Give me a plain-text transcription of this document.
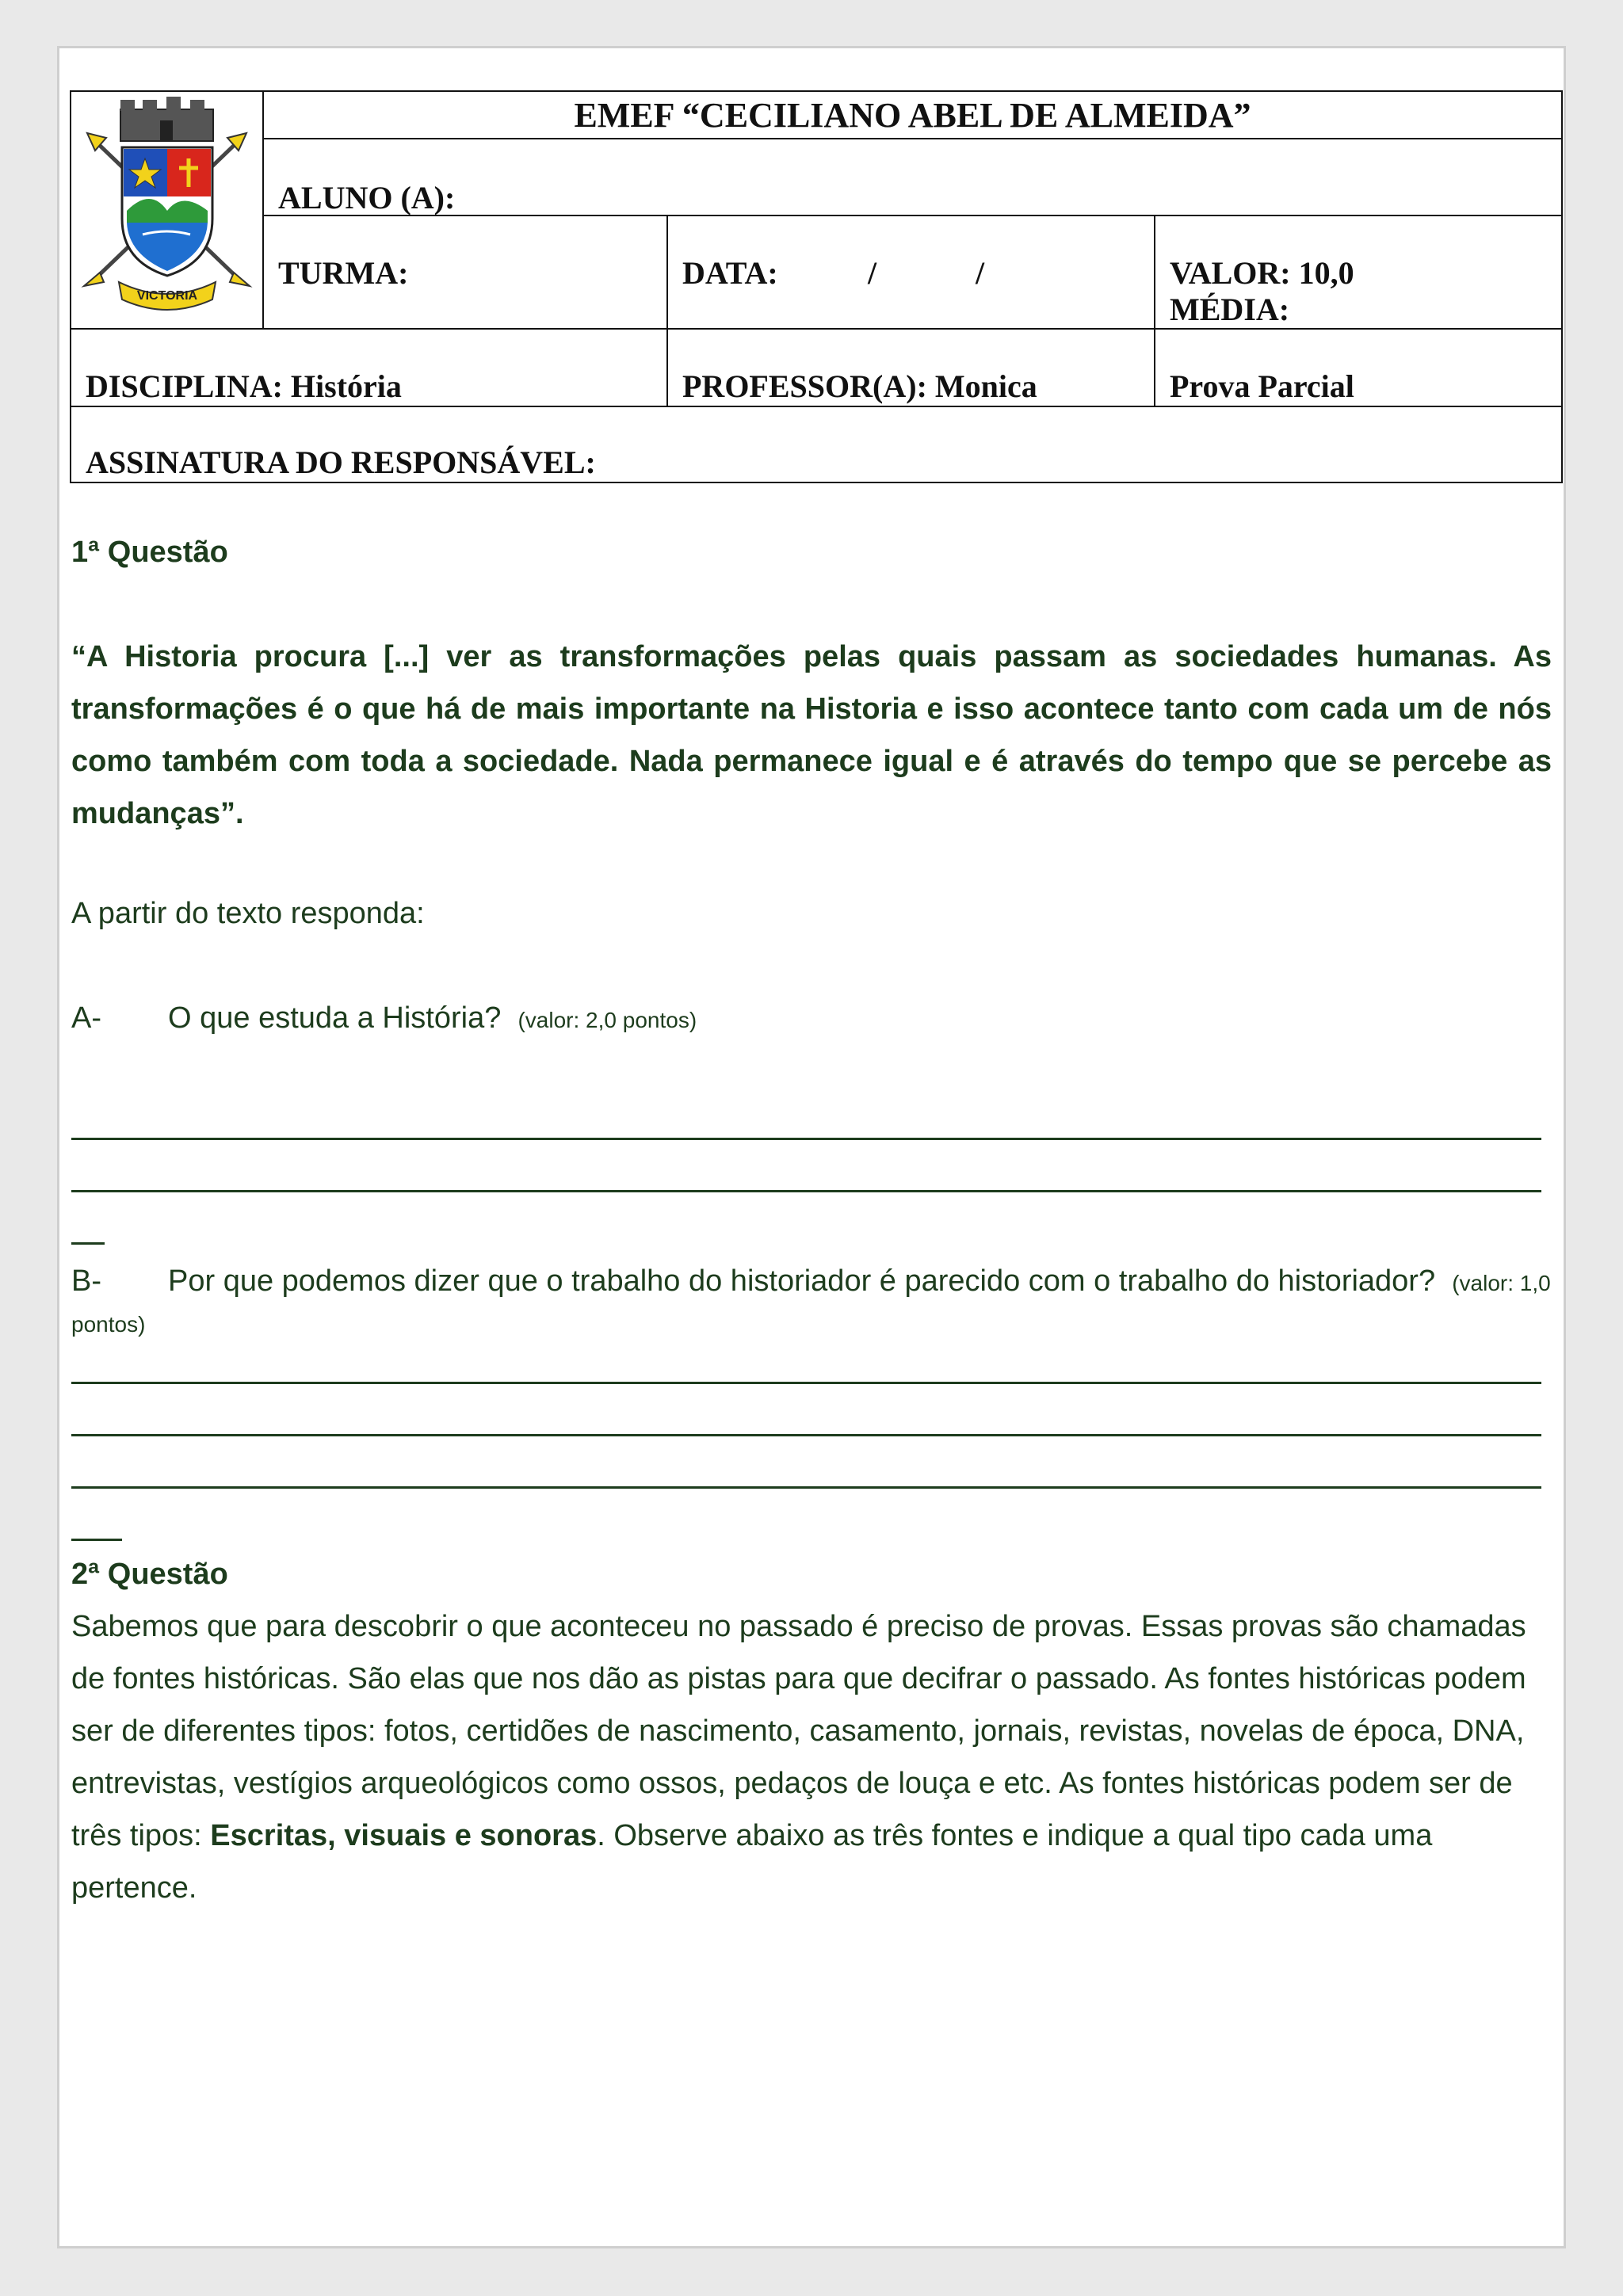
VICTORIA
EMEF “CECILIANO ABEL DE ALMEIDA”
ALUNO (A):
TURMA:	DATA:	/	/	VALOR: 10,0
MÉDIA:
DISCIPLINA: História	PROFESSOR(A): Monica	Prova Parcial
ASSINATURA DO RESPONSÁVEL:
1ª Questão
“A Historia procura [...] ver as transformações pelas quais passam as sociedades humanas. As transformações é o que há de mais importante na Historia e isso acontece tanto com cada um de nós como também com toda a sociedade. Nada permanece igual e é através do tempo que se percebe as mudanças”.
A partir do texto responda:
A- O que estuda a História? (valor: 2,0 pontos)
B- Por que podemos dizer que o trabalho do historiador é parecido com o trabalho do historiador? (valor: 1,0
pontos)
2ª Questão
Sabemos que para descobrir o que aconteceu no passado é preciso de provas. Essas provas são chamadas de fontes históricas. São elas que nos dão as pistas para que decifrar o passado. As fontes históricas podem ser de diferentes tipos: fotos, certidões de nascimento, casamento, jornais, revistas, novelas de época, DNA, entrevistas, vestígios arqueológicos como ossos, pedaços de louça e etc. As fontes históricas podem ser de três tipos: Escritas, visuais e sonoras. Observe abaixo as três fontes e indique a qual tipo cada uma pertence.
